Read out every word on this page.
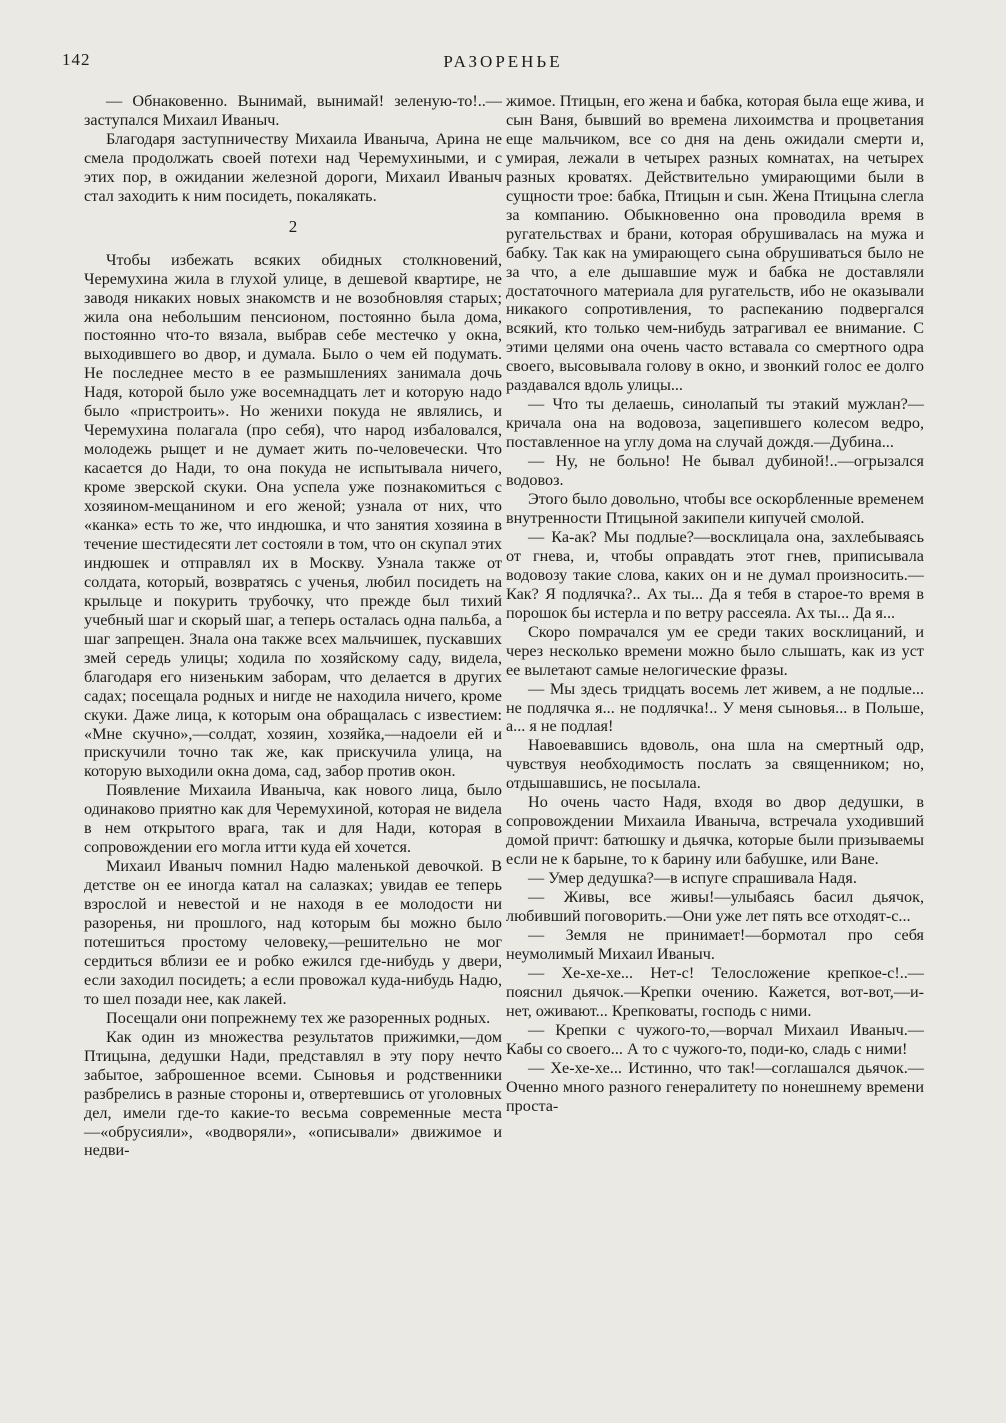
142	РАЗОРЕНЬЕ

— Обнаковенно. Вынимай, вынимай! зеленую-то!..—заступался Михаил Иваныч.

Благодаря заступничеству Михаила Иваныча, Арина не смела продолжать своей потехи над Черемухиными, и с этих пор, в ожидании железной дороги, Михаил Иваныч стал заходить к ним посидеть, покалякать.

2

Чтобы избежать всяких обидных столкновений, Черемухина жила в глухой улице, в дешевой квартире, не заводя никаких новых знакомств и не возобновляя старых; жила она небольшим пенсионом, постоянно была дома, постоянно что-то вязала, выбрав себе местечко у окна, выходившего во двор, и думала. Было о чем ей подумать. Не последнее место в ее размышлениях занимала дочь Надя, которой было уже восемнадцать лет и которую надо было «пристроить». Но женихи покуда не являлись, и Черемухина полагала (про себя), что народ избаловался, молодежь рыщет и не думает жить по-человечески. Что касается до Нади, то она покуда не испытывала ничего, кроме зверской скуки. Она успела уже познакомиться с хозяином-мещанином и его женой; узнала от них, что «канка» есть то же, что индюшка, и что занятия хозяина в течение шестидесяти лет состояли в том, что он скупал этих индюшек и отправлял их в Москву. Узнала также от солдата, который, возвратясь с ученья, любил посидеть на крыльце и покурить трубочку, что прежде был тихий учебный шаг и скорый шаг, а теперь осталась одна пальба, а шаг запрещен. Знала она также всех мальчишек, пускавших змей середь улицы; ходила по хозяйскому саду, видела, благодаря его низеньким заборам, что делается в других садах; посещала родных и нигде не находила ничего, кроме скуки. Даже лица, к которым она обращалась с известием: «Мне скучно»,—солдат, хозяин, хозяйка,—надоели ей и прискучили точно так же, как прискучила улица, на которую выходили окна дома, сад, забор против окон.

Появление Михаила Иваныча, как нового лица, было одинаково приятно как для Черемухиной, которая не видела в нем открытого врага, так и для Нади, которая в сопровождении его могла итти куда ей хочется.

Михаил Иваныч помнил Надю маленькой девочкой. В детстве он ее иногда катал на салазках; увидав ее теперь взрослой и невестой и не находя в ее молодости ни разоренья, ни прошлого, над которым бы можно было потешиться простому человеку,—решительно не мог сердиться вблизи ее и робко ежился где-нибудь у двери, если заходил посидеть; а если провожал куда-нибудь Надю, то шел позади нее, как лакей.

Посещали они попрежнему тех же разоренных родных.

Как один из множества результатов прижимки,—дом Птицына, дедушки Нади, представлял в эту пору нечто забытое, заброшенное всеми. Сыновья и родственники разбрелись в разные стороны и, отвертевшись от уголовных дел, имели где-то какие-то весьма современные места—«обрусияли», «водворяли», «описывали» движимое и недви-

жимое. Птицын, его жена и бабка, которая была еще жива, и сын Ваня, бывший во времена лихоимства и процветания еще мальчиком, все со дня на день ожидали смерти и, умирая, лежали в четырех разных комнатах, на четырех разных кроватях. Действительно умирающими были в сущности трое: бабка, Птицын и сын. Жена Птицына слегла за компанию. Обыкновенно она проводила время в ругательствах и брани, которая обрушивалась на мужа и бабку. Так как на умирающего сына обрушиваться было не за что, а еле дышавшие муж и бабка не доставляли достаточного материала для ругательств, ибо не оказывали никакого сопротивления, то распеканию подвергался всякий, кто только чем-нибудь затрагивал ее внимание. С этими целями она очень часто вставала со смертного одра своего, высовывала голову в окно, и звонкий голос ее долго раздавался вдоль улицы...

— Что ты делаешь, синолапый ты этакий мужлан?—кричала она на водовоза, зацепившего колесом ведро, поставленное на углу дома на случай дождя.—Дубина...

— Ну, не больно! Не бывал дубиной!..—огрызался водовоз.

Этого было довольно, чтобы все оскорбленные временем внутренности Птицыной закипели кипучей смолой.

— Ка-ак? Мы подлые?—восклицала она, захлебываясь от гнева, и, чтобы оправдать этот гнев, приписывала водовозу такие слова, каких он и не думал произносить.—Как? Я подлячка?.. Ах ты... Да я тебя в старое-то время в порошок бы истерла и по ветру рассеяла. Ах ты... Да я...

Скоро помрачался ум ее среди таких восклицаний, и через несколько времени можно было слышать, как из уст ее вылетают самые нелогические фразы.

— Мы здесь тридцать восемь лет живем, а не подлые... не подлячка я... не подлячка!.. У меня сыновья... в Польше, а... я не подлая!

Навоевавшись вдоволь, она шла на смертный одр, чувствуя необходимость послать за священником; но, отдышавшись, не посылала.

Но очень часто Надя, входя во двор дедушки, в сопровождении Михаила Иваныча, встречала уходивший домой причт: батюшку и дьячка, которые были призываемы если не к барыне, то к барину или бабушке, или Ване.

— Умер дедушка?—в испуге спрашивала Надя.

— Живы, все живы!—улыбаясь басил дьячок, любивший поговорить.—Они уже лет пять все отходят-с...

— Земля не принимает!—бормотал про себя неумолимый Михаил Иваныч.

— Хе-хе-хе... Нет-с! Телосложение крепкое-с!..—пояснил дьячок.—Крепки очению. Кажется, вот-вот,—и-нет, оживают... Крепковаты, господь с ними.

— Крепки с чужого-то,—ворчал Михаил Иваныч.—Кабы со своего... А то с чужого-то, поди-ко, сладь с ними!

— Хе-хе-хе... Истинно, что так!—соглашался дьячок.—Оченно много разного генералитету по нонешнему времени проста-
